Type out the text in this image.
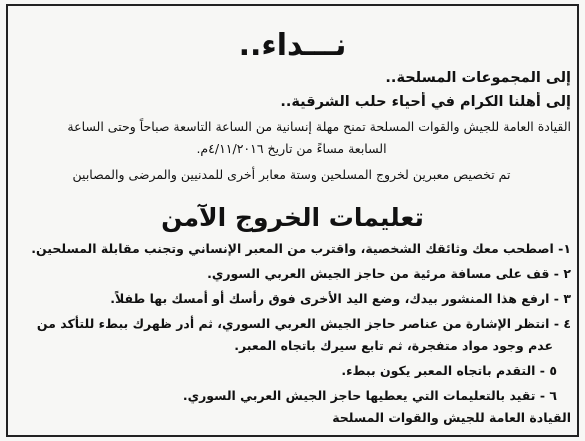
نـــداء..
إلى المجموعات المسلحة..
إلى أهلنا الكرام في أحياء حلب الشرقية..
القيادة العامة للجيش والقوات المسلحة تمنح مهلة إنسانية من الساعة التاسعة صباحاً وحتى الساعة
السابعة مساءً من تاريخ ٤/١١/٢٠١٦م.
تم تخصيص معبرين لخروج المسلحين وستة معابر أخرى للمدنيين والمرضى والمصابين
تعليمات الخروج الآمن
١- اصطحب معك وثائقك الشخصية، واقترب من المعبر الإنساني وتجنب مقابلة المسلحين.
٢ - قف على مسافة مرئية من حاجز الجيش العربي السوري.
٣ - ارفع هذا المنشور بيدك، وضع اليد الأخرى فوق رأسك أو أمسك بها طفلاً.
٤ - انتظر الإشارة من عناصر حاجز الجيش العربي السوري، ثم أدر ظهرك ببطء للتأكد من
عدم وجود مواد متفجرة، ثم تابع سيرك باتجاه المعبر.
٥ - التقدم باتجاه المعبر يكون ببطء.
٦ - تقيد بالتعليمات التي يعطيها حاجز الجيش العربي السوري.
القيادة العامة للجيش والقوات المسلحة
